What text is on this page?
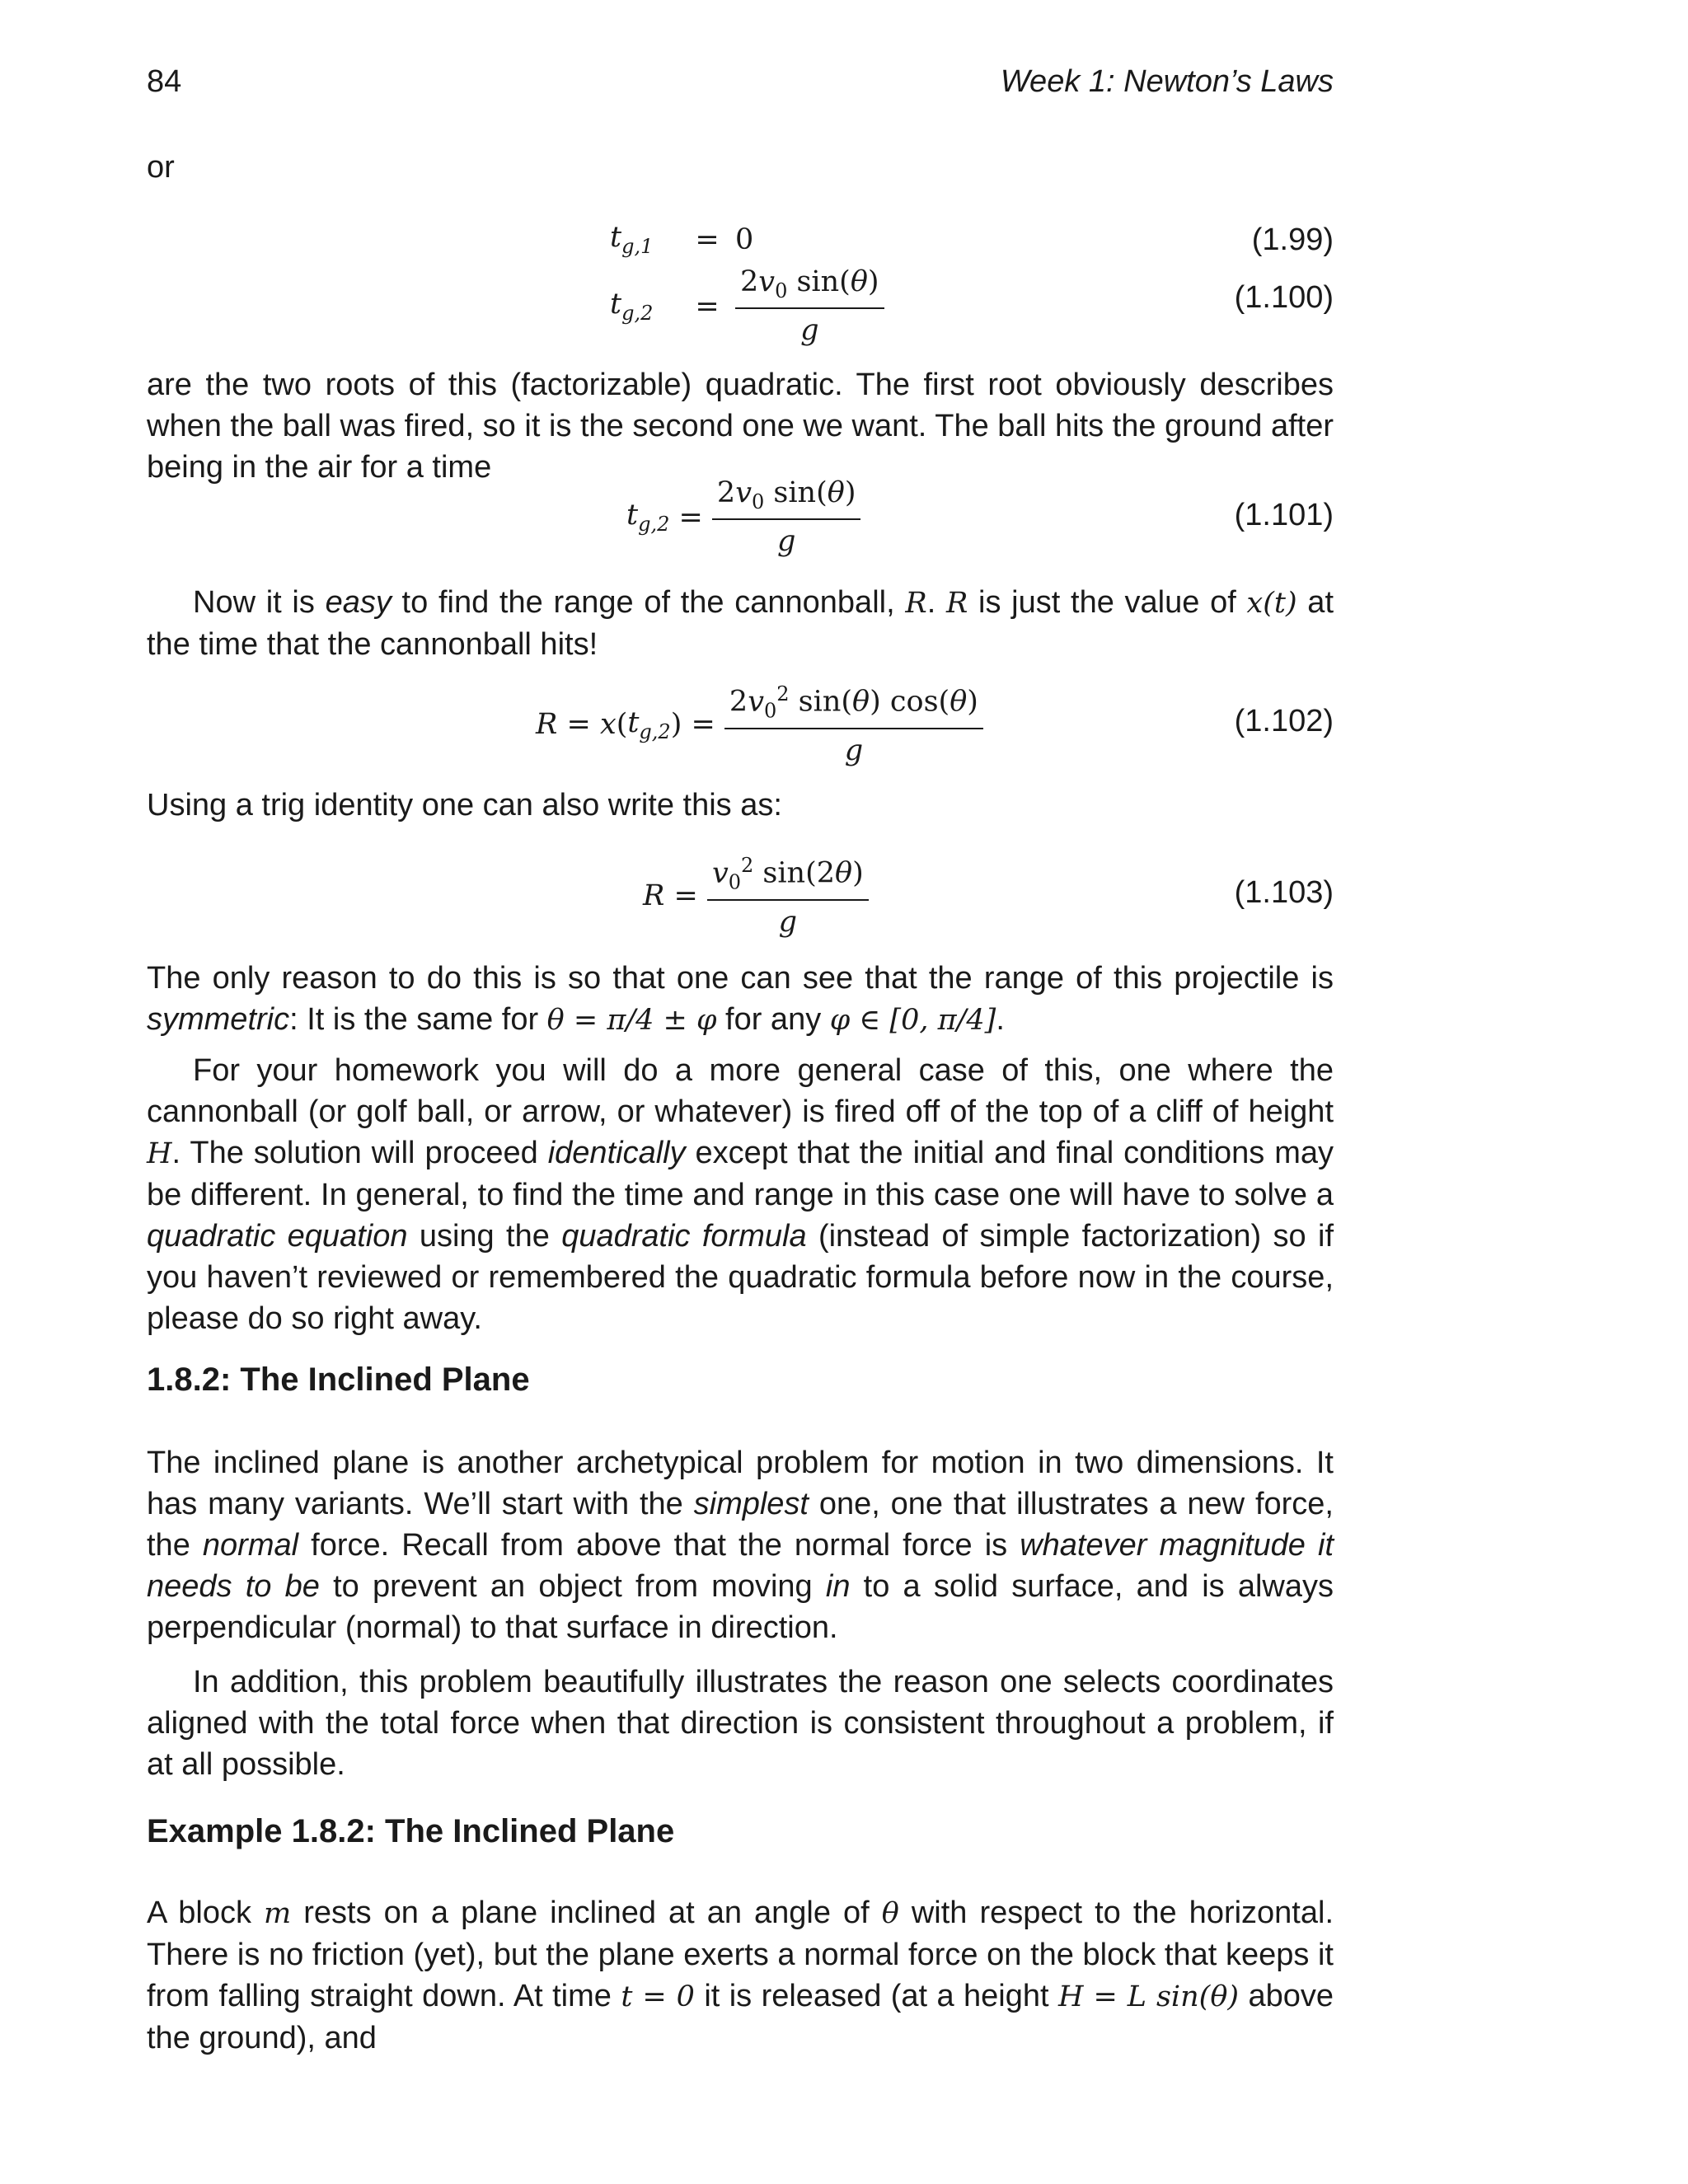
84	Week 1: Newton’s Laws
or
$t_{g,1}$	= 0	(1.99)
$t_{g,2}$	= $\frac{2v_0 \sin(\theta)}{g}$	(1.100)
are the two roots of this (factorizable) quadratic. The first root obviously describes when the ball was fired, so it is the second one we want. The ball hits the ground after being in the air for a time
$t_{g,2} = \frac{2v_0 \sin(\theta)}{g}$	(1.101)
Now it is easy to find the range of the cannonball, R. R is just the value of x(t) at the time that the cannonball hits!
R = x ( $t_{g,2}$ ) = $\frac{2v_0^2 \sin(\theta) \cos(\theta)}{g}$	(1.102)
Using a trig identity one can also write this as:
$R = \frac{v_0^2 \sin(2\theta)}{g}$	(1.103)
The only reason to do this is so that one can see that the range of this projectile is symmetric: It is the same for θ = π/4 ± φ for any φ ∈ [0, π/4].
For your homework you will do a more general case of this, one where the cannonball (or golf ball, or arrow, or whatever) is fired off of the top of a cliff of height H. The solution will proceed identically except that the initial and final conditions may be different. In general, to find the time and range in this case one will have to solve a quadratic equation using the quadratic formula (instead of simple factorization) so if you haven’t reviewed or remembered the quadratic formula before now in the course, please do so right away.
1.8.2: The Inclined Plane
The inclined plane is another archetypical problem for motion in two dimensions. It has many variants. We’ll start with the simplest one, one that illustrates a new force, the normal force. Recall from above that the normal force is whatever magnitude it needs to be to prevent an object from moving in to a solid surface, and is always perpendicular (normal) to that surface in direction.
In addition, this problem beautifully illustrates the reason one selects coordinates aligned with the total force when that direction is consistent throughout a problem, if at all possible.
Example 1.8.2: The Inclined Plane
A block m rests on a plane inclined at an angle of θ with respect to the horizontal. There is no friction (yet), but the plane exerts a normal force on the block that keeps it from falling straight down. At time t = 0 it is released (at a height H = L sin(θ) above the ground), and
